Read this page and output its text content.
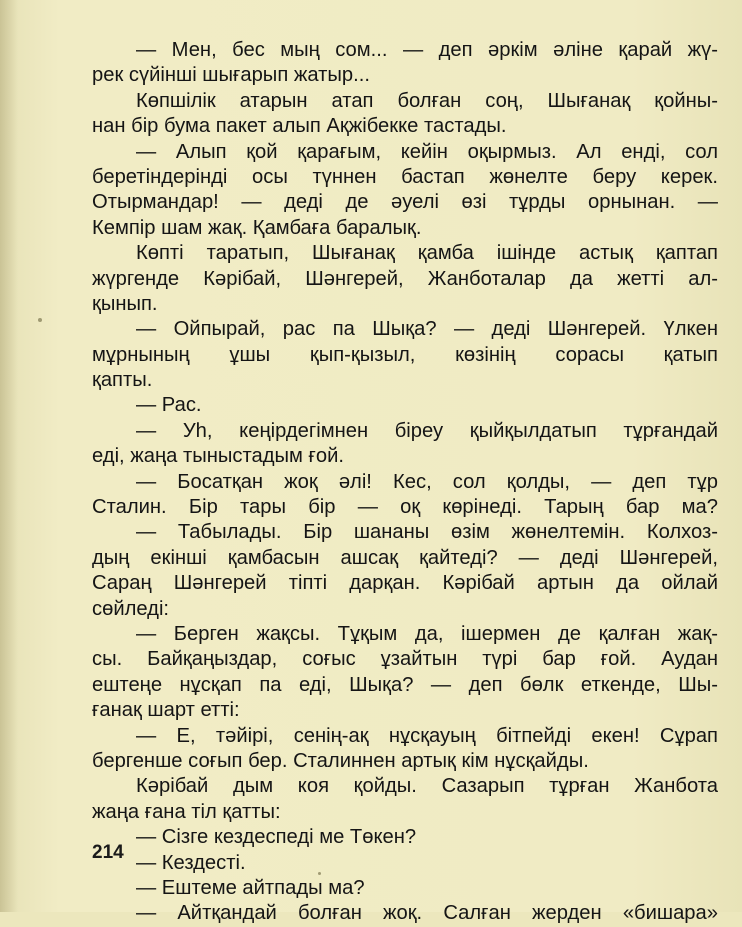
— Мен, бес мың сом... — деп әркім әліне қарай жү-
рек сүйінші шығарып жатыр...
Көпшілік атарын атап болған соң, Шығанақ қойны-
нан бір бума пакет алып Ақжібекке тастады.
— Алып қой қарағым, кейін оқырмыз. Ал енді, сол
беретіндерінді осы түннен бастап жөнелте беру керек.
Отырмандар! — деді де әуелі өзі тұрды орнынан. —
Кемпір шам жақ. Қамбаға баралық.
Көпті таратып, Шығанақ қамба ішінде астық қаптап
жүргенде Кәрібай, Шәнгерей, Жанботалар да жетті ал-
қынып.
— Ойпырай, рас па Шықа? — деді Шәнгерей. Үлкен
мұрнының ұшы қып-қызыл, көзінің сорасы қатып
қапты.
— Рас.
— Уһ, кеңірдегімнен біреу қыйқылдатып тұрғандай
еді, жаңа тыныстадым ғой.
— Босатқан жоқ әлі! Кес, сол қолды, — деп тұр
Сталин. Бір тары бір — оқ көрінеді. Тарың бар ма?
— Табылады. Бір шананы өзім жөнелтемін. Колхоз-
дың екінші қамбасын ашсақ қайтеді? — деді Шәнгерей,
Сараң Шәнгерей тіпті дарқан. Кәрібай артын да ойлай
сөйледі:
— Берген жақсы. Тұқым да, ішермен де қалған жақ-
сы. Байқаңыздар, соғыс ұзайтын түрі бар ғой. Аудан
ештеңе нұсқап па еді, Шықа? — деп бөлк еткенде, Шы-
ғанақ шарт етті:
— Е, тәйірі, сенің-ақ нұсқауың бітпейді екен! Сұрап
бергенше соғып бер. Сталиннен артық кім нұсқайды.
Кәрібай дым коя қойды. Сазарып тұрған Жанбота
жаңа ғана тіл қатты:
— Сізге кездеспеді ме Төкен?
— Кездесті.
— Ештеме айтпады ма?
— Айтқандай болған жоқ. Салған жерден «бишара»
214
